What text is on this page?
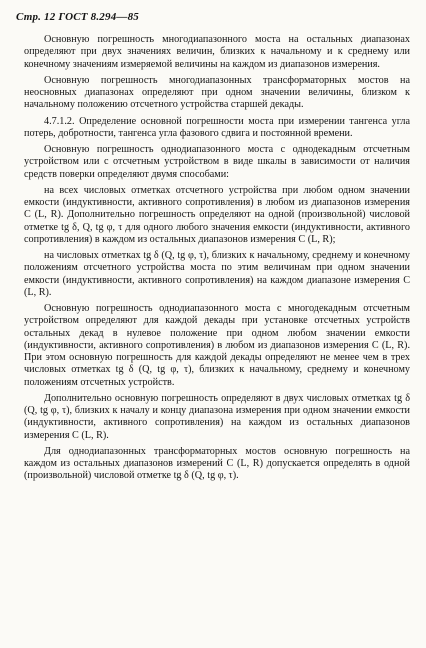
Стр. 12 ГОСТ 8.294—85

Основную погрешность многодиапазонного моста на остальных диапазонах определяют при двух значениях величин, близких к начальному и к среднему или конечному значениям измеряемой величины на каждом из диапазонов измерения.

Основную погрешность многодиапазонных трансформаторных мостов на неосновных диапазонах определяют при одном значении величины, близком к начальному положению отсчетного устройства старшей декады.

4.7.1.2. Определение основной погрешности моста при измерении тангенса угла потерь, добротности, тангенса угла фазового сдвига и постоянной времени.

Основную погрешность однодиапазонного моста с однодекадным отсчетным устройством или с отсчетным устройством в виде шкалы в зависимости от наличия средств поверки определяют двумя способами:

на всех числовых отметках отсчетного устройства при любом одном значении емкости (индуктивности, активного сопротивления) в любом из диапазонов измерения C (L, R). Дополнительно погрешность определяют на одной (произвольной) числовой отметке tg δ, Q, tg φ, τ для одного любого значения емкости (индуктивности, активного сопротивления) в каждом из остальных диапазонов измерения C (L, R);

на числовых отметках tg δ (Q, tg φ, τ), близких к начальному, среднему и конечному положениям отсчетного устройства моста по этим величинам при одном значении емкости (индуктивности, активного сопротивления) на каждом диапазоне измерения C (L, R).

Основную погрешность однодиапазонного моста с многодекадным отсчетным устройством определяют для каждой декады при установке отсчетных устройств остальных декад в нулевое положение при одном любом значении емкости (индуктивности, активного сопротивления) в любом из диапазонов измерения C (L, R). При этом основную погрешность для каждой декады определяют не менее чем в трех числовых отметках tg δ (Q, tg φ, τ), близких к начальному, среднему и конечному положениям отсчетных устройств.

Дополнительно основную погрешность определяют в двух числовых отметках tg δ (Q, tg φ, τ), близких к началу и концу диапазона измерения при одном значении емкости (индуктивности, активного сопротивления) на каждом из остальных диапазонов измерения C (L, R).

Для однодиапазонных трансформаторных мостов основную погрешность на каждом из остальных диапазонов измерений C (L, R) допускается определять в одной (произвольной) числовой отметке tg δ (Q, tg φ, τ).
